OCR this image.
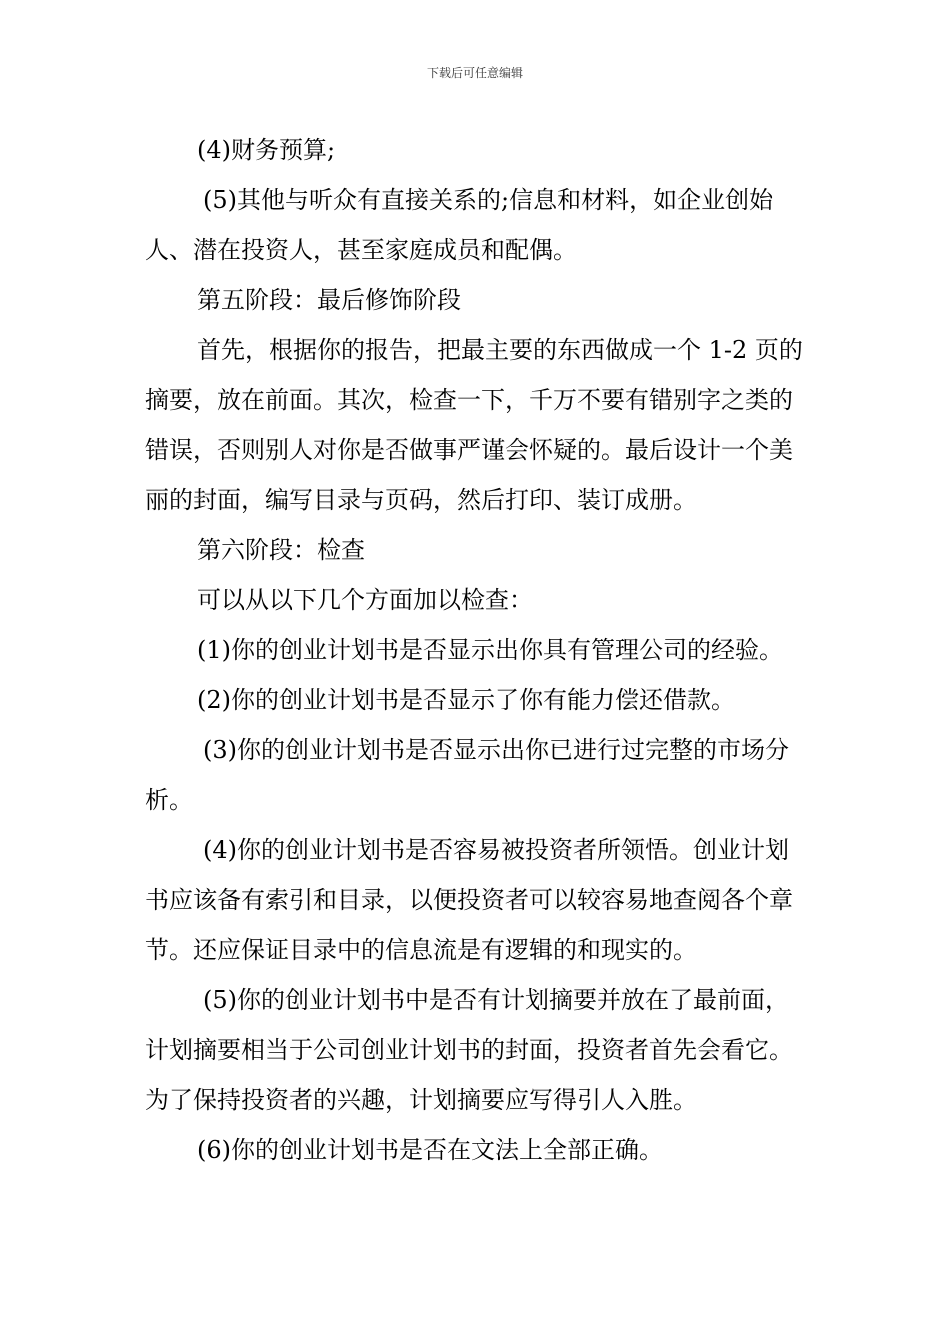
下载后可任意编辑

(4)财务预算;

(5)其他与听众有直接关系的;信息和材料，如企业创始人、潜在投资人，甚至家庭成员和配偶。

第五阶段：最后修饰阶段

首先，根据你的报告，把最主要的东西做成一个 1-2 页的摘要，放在前面。其次，检查一下，千万不要有错别字之类的错误，否则别人对你是否做事严谨会怀疑的。最后设计一个美丽的封面，编写目录与页码，然后打印、装订成册。

第六阶段：检查

可以从以下几个方面加以检查：

(1)你的创业计划书是否显示出你具有管理公司的经验。

(2)你的创业计划书是否显示了你有能力偿还借款。

(3)你的创业计划书是否显示出你已进行过完整的市场分析。

(4)你的创业计划书是否容易被投资者所领悟。创业计划书应该备有索引和目录，以便投资者可以较容易地查阅各个章节。还应保证目录中的信息流是有逻辑的和现实的。

(5)你的创业计划书中是否有计划摘要并放在了最前面，计划摘要相当于公司创业计划书的封面，投资者首先会看它。为了保持投资者的兴趣，计划摘要应写得引人入胜。

(6)你的创业计划书是否在文法上全部正确。
